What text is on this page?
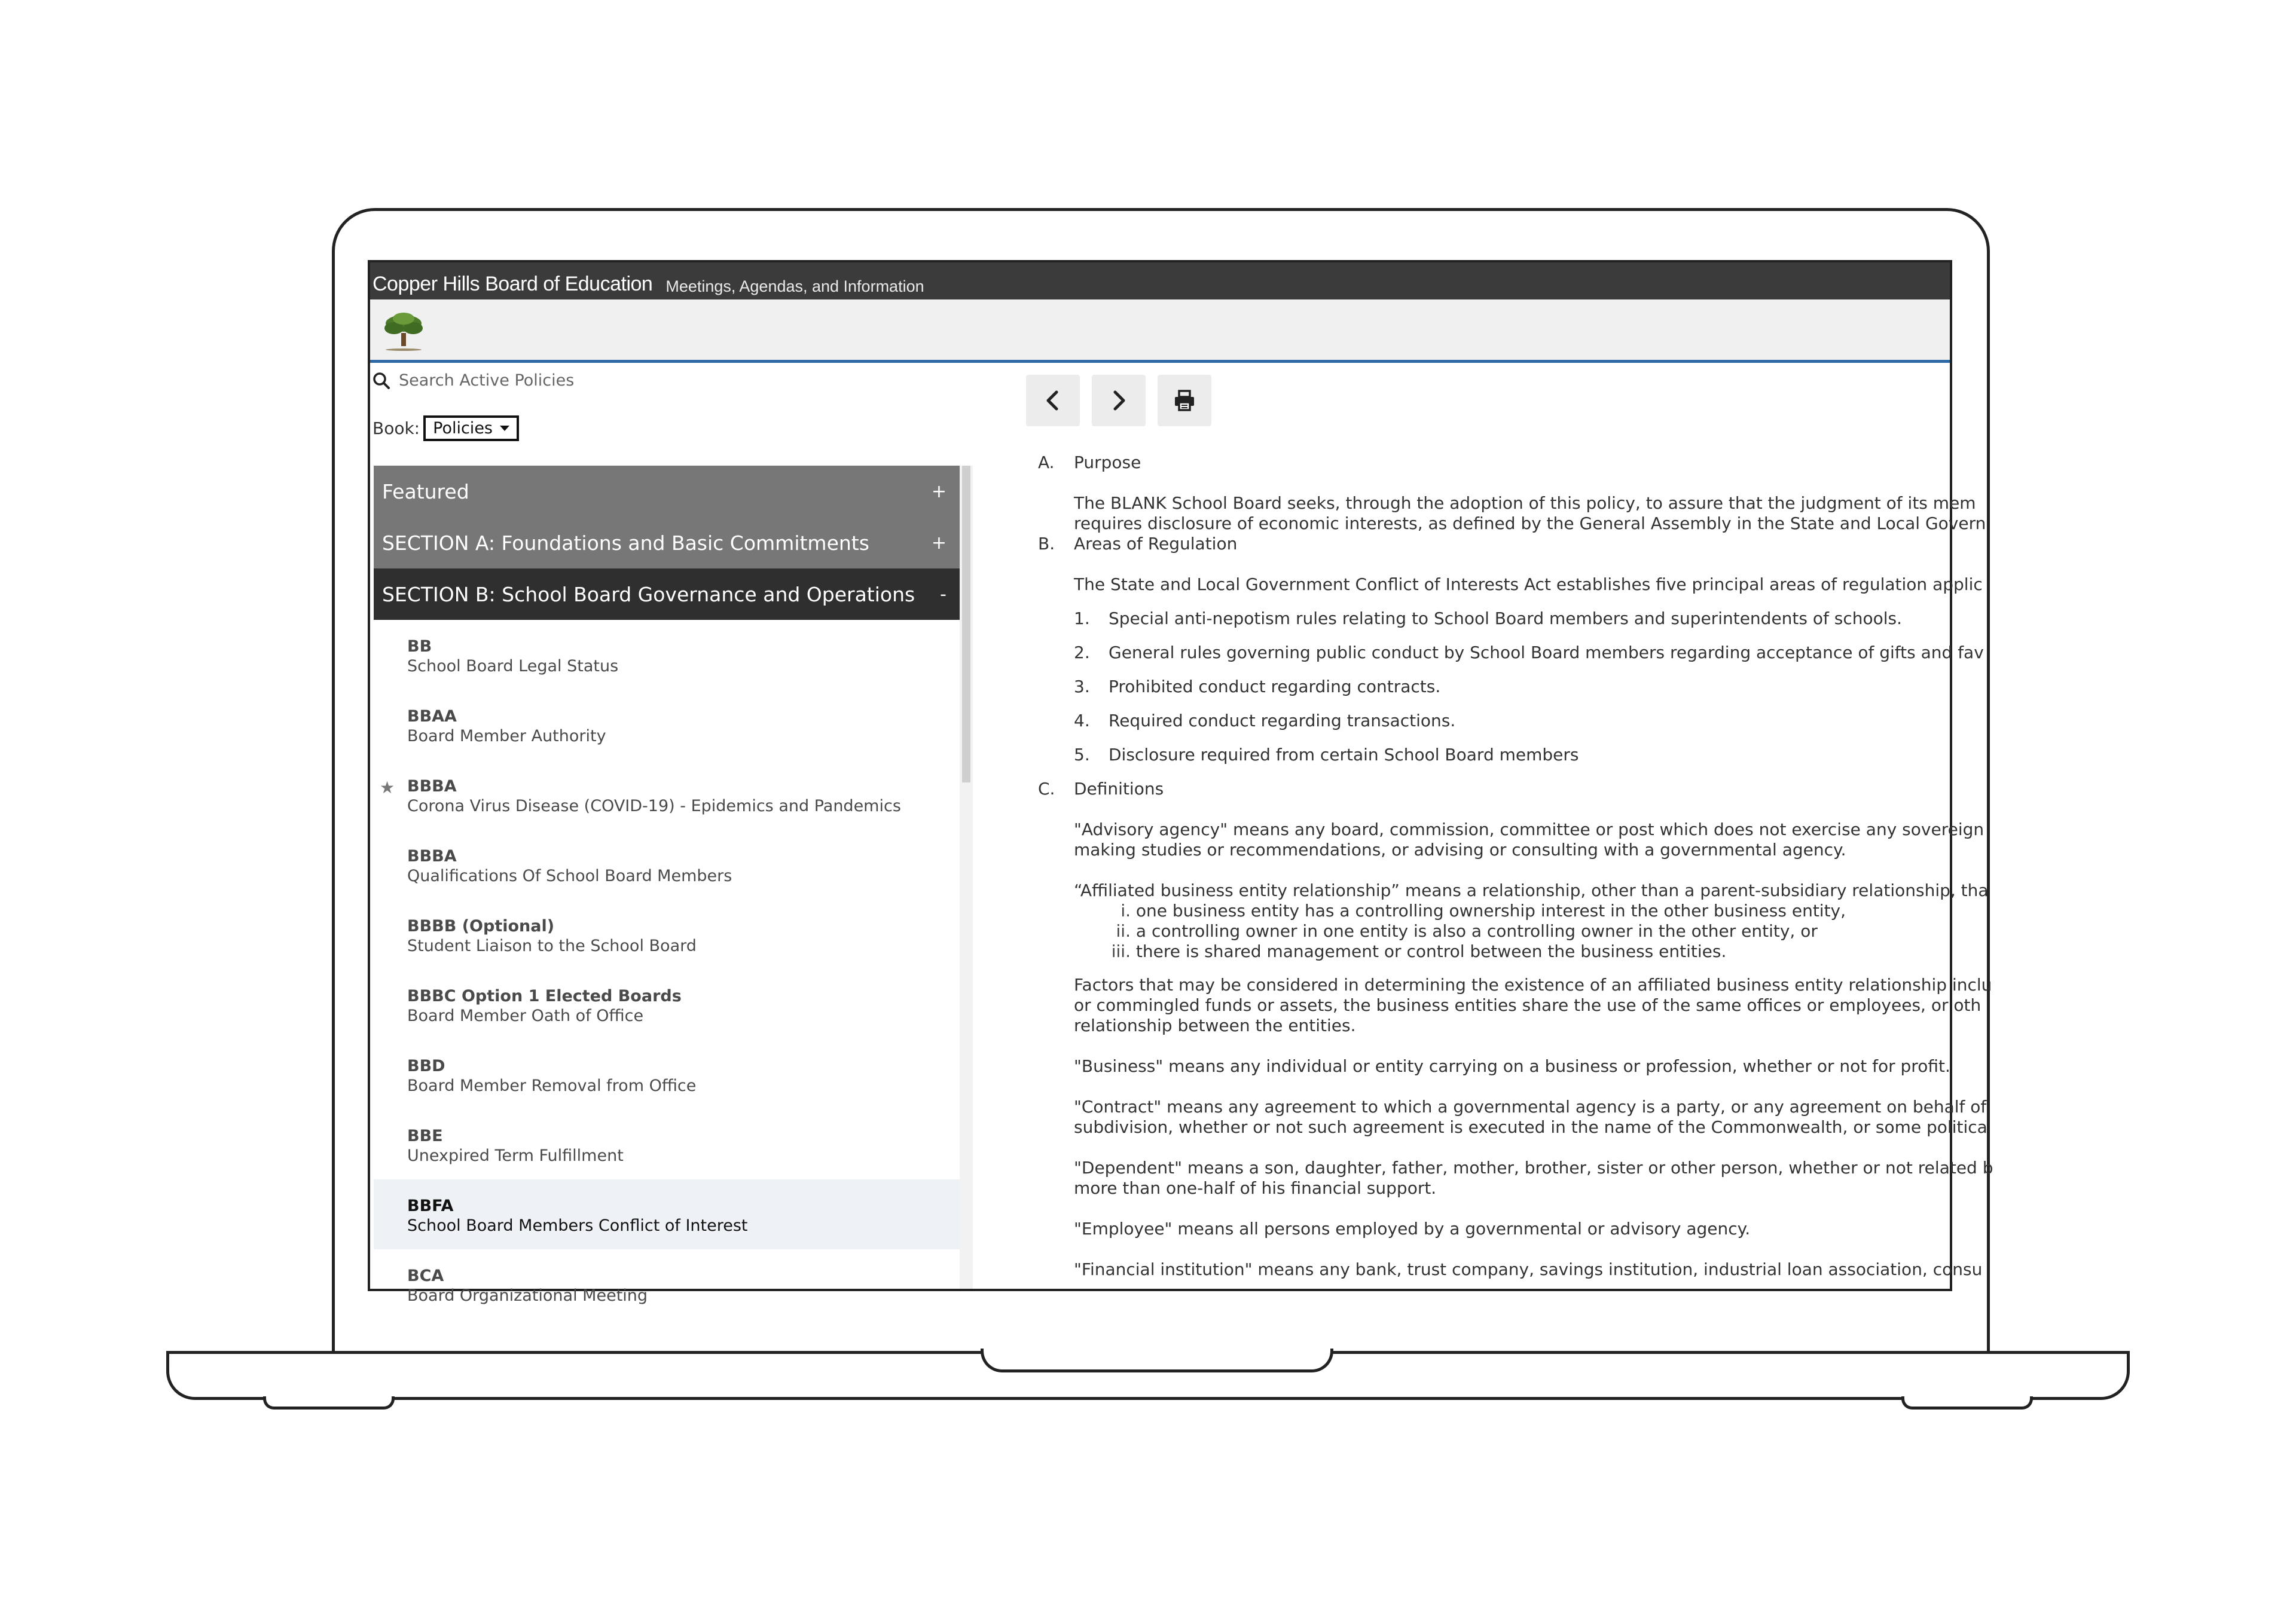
Copper Hills Board of Education Meetings, Agendas, and Information
Search Active Policies
Book: Policies
Featured	+
SECTION A: Foundations and Basic Commitments	+
SECTION B: School Board Governance and Operations -
BB
School Board Legal Status
BBAA
Board Member Authority
★ BBBA
Corona Virus Disease (COVID-19) - Epidemics and Pandemics
BBBA
Qualifications Of School Board Members
BBBB (Optional)
Student Liaison to the School Board
BBBC Option 1 Elected Boards
Board Member Oath of Office
BBD
Board Member Removal from Office
BBE
Unexpired Term Fulfillment
BBFA
School Board Members Conflict of Interest
BCA
Board Organizational Meeting
A. Purpose
The BLANK School Board seeks, through the adoption of this policy, to assure that the judgment of its mem
requires disclosure of economic interests, as defined by the General Assembly in the State and Local Govern
B. Areas of Regulation
The State and Local Government Conflict of Interests Act establishes five principal areas of regulation applic
1. Special anti-nepotism rules relating to School Board members and superintendents of schools.
2. General rules governing public conduct by School Board members regarding acceptance of gifts and fav
3. Prohibited conduct regarding contracts.
4. Required conduct regarding transactions.
5. Disclosure required from certain School Board members
C. Definitions
"Advisory agency" means any board, commission, committee or post which does not exercise any sovereign
making studies or recommendations, or advising or consulting with a governmental agency.
“Affiliated business entity relationship” means a relationship, other than a parent-subsidiary relationship, tha
i. one business entity has a controlling ownership interest in the other business entity,
ii. a controlling owner in one entity is also a controlling owner in the other entity, or
iii. there is shared management or control between the business entities.
Factors that may be considered in determining the existence of an affiliated business entity relationship inclu
or commingled funds or assets, the business entities share the use of the same offices or employees, or oth
relationship between the entities.
"Business" means any individual or entity carrying on a business or profession, whether or not for profit.
"Contract" means any agreement to which a governmental agency is a party, or any agreement on behalf of
subdivision, whether or not such agreement is executed in the name of the Commonwealth, or some politica
"Dependent" means a son, daughter, father, mother, brother, sister or other person, whether or not related b
more than one-half of his financial support.
"Employee" means all persons employed by a governmental or advisory agency.
"Financial institution" means any bank, trust company, savings institution, industrial loan association, consu
